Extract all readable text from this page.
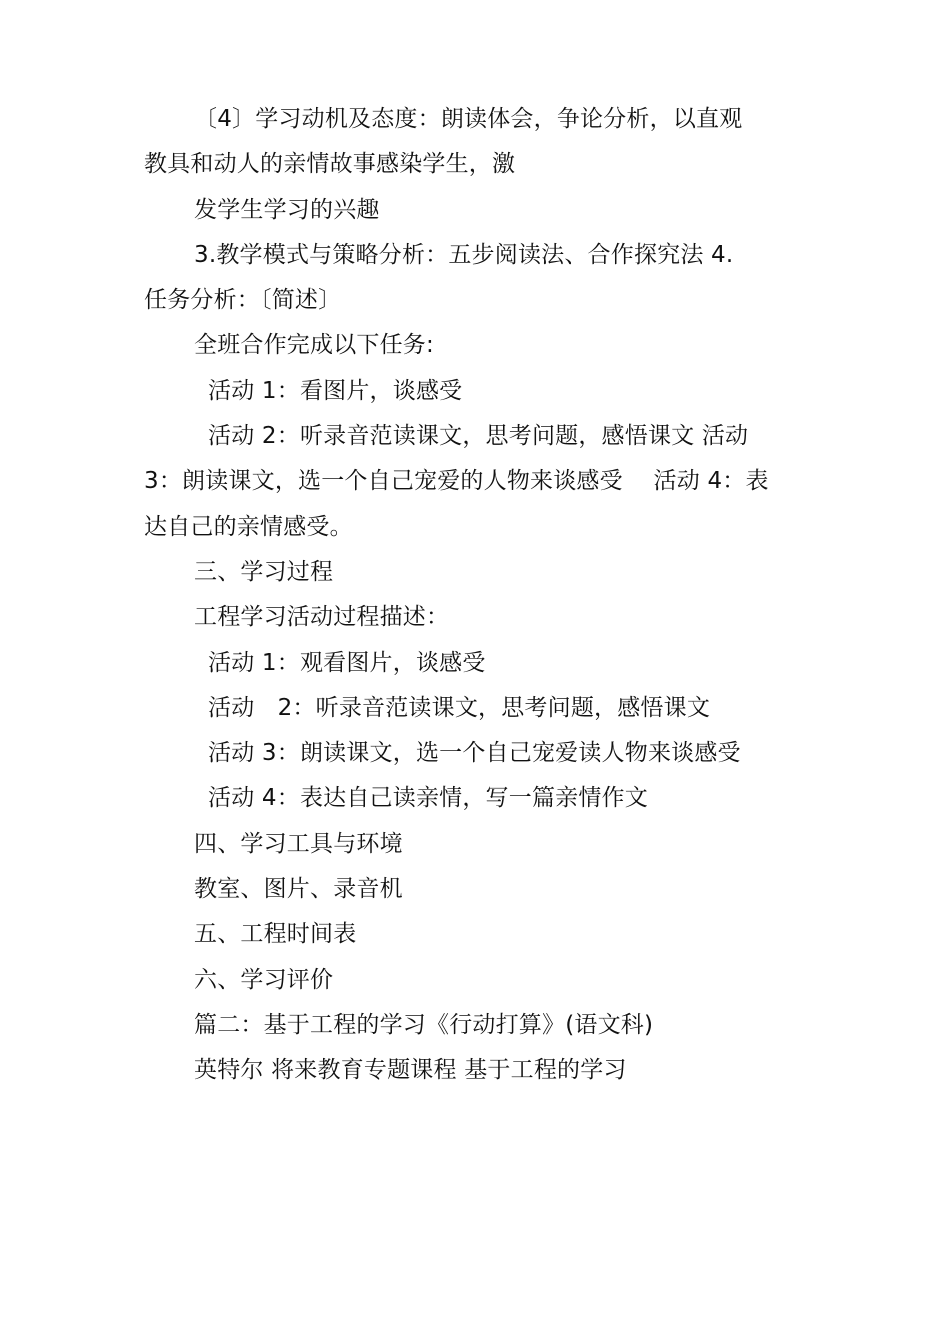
〔4〕学习动机及态度：朗读体会，争论分析，以直观
教具和动人的亲情故事感染学生，激
发学生学习的兴趣
3.教学模式与策略分析：五步阅读法、合作探究法 4.
任务分析：〔简述〕
全班合作完成以下任务:
活动 1：看图片，谈感受
活动 2：听录音范读课文，思考问题，感悟课文 活动
3：朗读课文，选一个自己宠爱的人物来谈感受　 活动 4：表
达自己的亲情感受。
三、学习过程
工程学习活动过程描述：
活动 1：观看图片，谈感受
活动　2：听录音范读课文，思考问题，感悟课文
活动 3：朗读课文，选一个自己宠爱读人物来谈感受
活动 4：表达自己读亲情，写一篇亲情作文
四、学习工具与环境
教室、图片、录音机
五、工程时间表
六、学习评价
篇二：基于工程的学习《行动打算》(语文科)
英特尔 将来教育专题课程 基于工程的学习
